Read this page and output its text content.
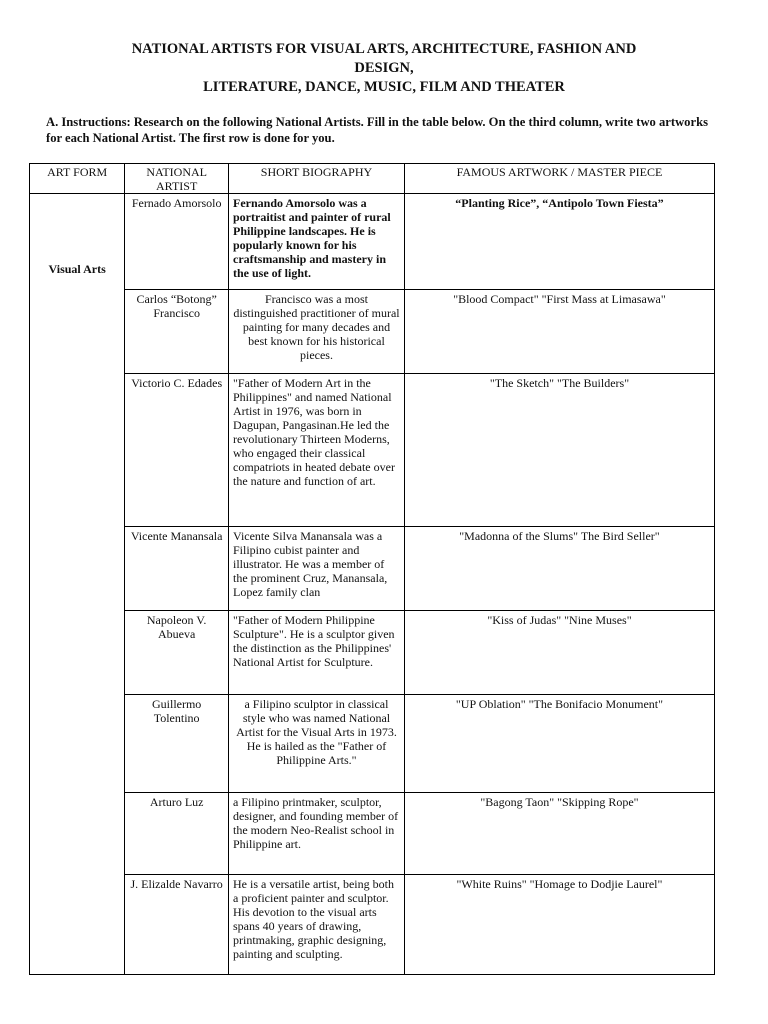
NATIONAL ARTISTS FOR VISUAL ARTS, ARCHITECTURE, FASHION AND
DESIGN,
LITERATURE, DANCE, MUSIC, FILM AND THEATER
A. Instructions: Research on the following National Artists. Fill in the table below. On the third column, write two artworks for each National Artist. The first row is done for you.
ART FORM	NATIONAL ARTIST	SHORT BIOGRAPHY	FAMOUS ARTWORK / MASTER PIECE

Visual Arts	Fernado Amorsolo	Fernando Amorsolo was a portraitist and painter of rural Philippine landscapes. He is popularly known for his craftsmanship and mastery in the use of light.	“Planting Rice”, “Antipolo Town Fiesta”
	Carlos “Botong” Francisco	Francisco was a most distinguished practitioner of mural painting for many decades and best known for his historical pieces.	"Blood Compact" "First Mass at Limasawa"
	Victorio C. Edades	"Father of Modern Art in the Philippines" and named National Artist in 1976, was born in Dagupan, Pangasinan.He led the revolutionary Thirteen Moderns, who engaged their classical compatriots in heated debate over the nature and function of art.	"The Sketch" "The Builders"
	Vicente Manansala	Vicente Silva Manansala was a Filipino cubist painter and illustrator. He was a member of the prominent Cruz, Manansala, Lopez family clan	"Madonna of the Slums" The Bird Seller"
	Napoleon V. Abueva	"Father of Modern Philippine Sculpture". He is a sculptor given the distinction as the Philippines' National Artist for Sculpture.	"Kiss of Judas" "Nine Muses"
	Guillermo Tolentino	a Filipino sculptor in classical style who was named National Artist for the Visual Arts in 1973. He is hailed as the "Father of Philippine Arts."	"UP Oblation" "The Bonifacio Monument"
	Arturo Luz	a Filipino printmaker, sculptor, designer, and founding member of the modern Neo-Realist school in Philippine art.	"Bagong Taon" "Skipping Rope"
	J. Elizalde Navarro	He is a versatile artist, being both a proficient painter and sculptor. His devotion to the visual arts spans 40 years of drawing, printmaking, graphic designing, painting and sculpting.	"White Ruins" "Homage to Dodjie Laurel"
